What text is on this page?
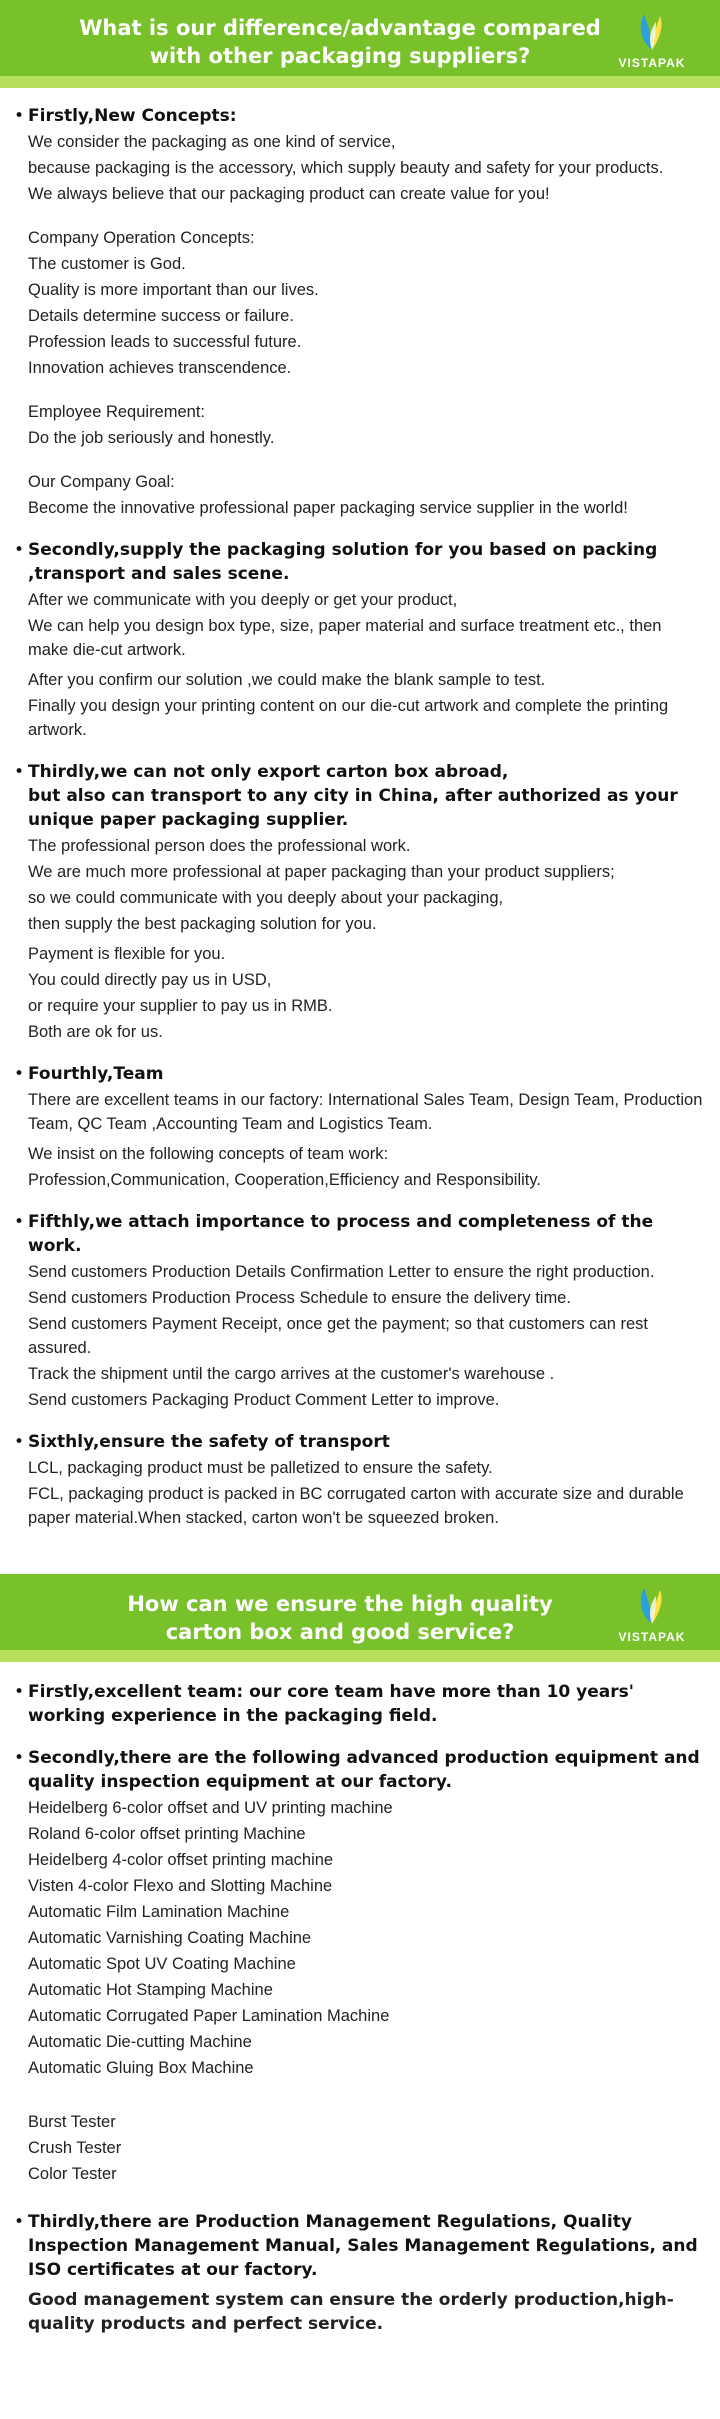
What is our difference/advantage compared with other packaging suppliers?	VISTAPAK
• Firstly,New Concepts:
We consider the packaging as one kind of service,
because packaging is the accessory, which supply beauty and safety for your products.
We always believe that our packaging product can create value for you!
Company Operation Concepts:
The customer is God.
Quality is more important than our lives.
Details determine success or failure.
Profession leads to successful future.
Innovation achieves transcendence.
Employee Requirement:
Do the job seriously and honestly.
Our Company Goal:
Become the innovative professional paper packaging service supplier in the world!
• Secondly,supply the packaging solution for you based on packing ,transport and sales scene.
After we communicate with you deeply or get your product,
We can help you design box type, size, paper material and surface treatment etc., then make die-cut artwork.
After you confirm our solution ,we could make the blank sample to test.
Finally you design your printing content on our die-cut artwork and complete the printing artwork.
• Thirdly,we can not only export carton box abroad,
but also can transport to any city in China, after authorized as your unique paper packaging supplier.
The professional person does the professional work.
We are much more professional at paper packaging than your product suppliers;
so we could communicate with you deeply about your packaging,
then supply the best packaging solution for you.
Payment is flexible for you.
You could directly pay us in USD,
or require your supplier to pay us in RMB.
Both are ok for us.
• Fourthly,Team
There are excellent teams in our factory: International Sales Team, Design Team, Production Team, QC Team ,Accounting Team and Logistics Team.
We insist on the following concepts of team work:
Profession,Communication, Cooperation,Efficiency and Responsibility.
• Fifthly,we attach importance to process and completeness of the work.
Send customers Production Details Confirmation Letter to ensure the right production.
Send customers Production Process Schedule to ensure the delivery time.
Send customers Payment Receipt, once get the payment; so that customers can rest assured.
Track the shipment until the cargo arrives at the customer's warehouse .
Send customers Packaging Product Comment Letter to improve.
• Sixthly,ensure the safety of transport
LCL, packaging product must be palletized to ensure the safety.
FCL, packaging product is packed in BC corrugated carton with accurate size and durable paper material.When stacked, carton won't be squeezed broken.
How can we ensure the high quality carton box and good service?	VISTAPAK
• Firstly,excellent team: our core team have more than 10 years' working experience in the packaging field.
• Secondly,there are the following advanced production equipment and quality inspection equipment at our factory.
Heidelberg 6-color offset and UV printing machine
Roland 6-color offset printing Machine
Heidelberg 4-color offset printing machine
Visten 4-color Flexo and Slotting Machine
Automatic Film Lamination Machine
Automatic Varnishing Coating Machine
Automatic Spot UV Coating Machine
Automatic Hot Stamping Machine
Automatic Corrugated Paper Lamination Machine
Automatic Die-cutting Machine
Automatic Gluing Box Machine
Burst Tester
Crush Tester
Color Tester
• Thirdly,there are Production Management Regulations, Quality Inspection Management Manual, Sales Management Regulations, and ISO certificates at our factory.
Good management system can ensure the orderly production,high-quality products and perfect service.
